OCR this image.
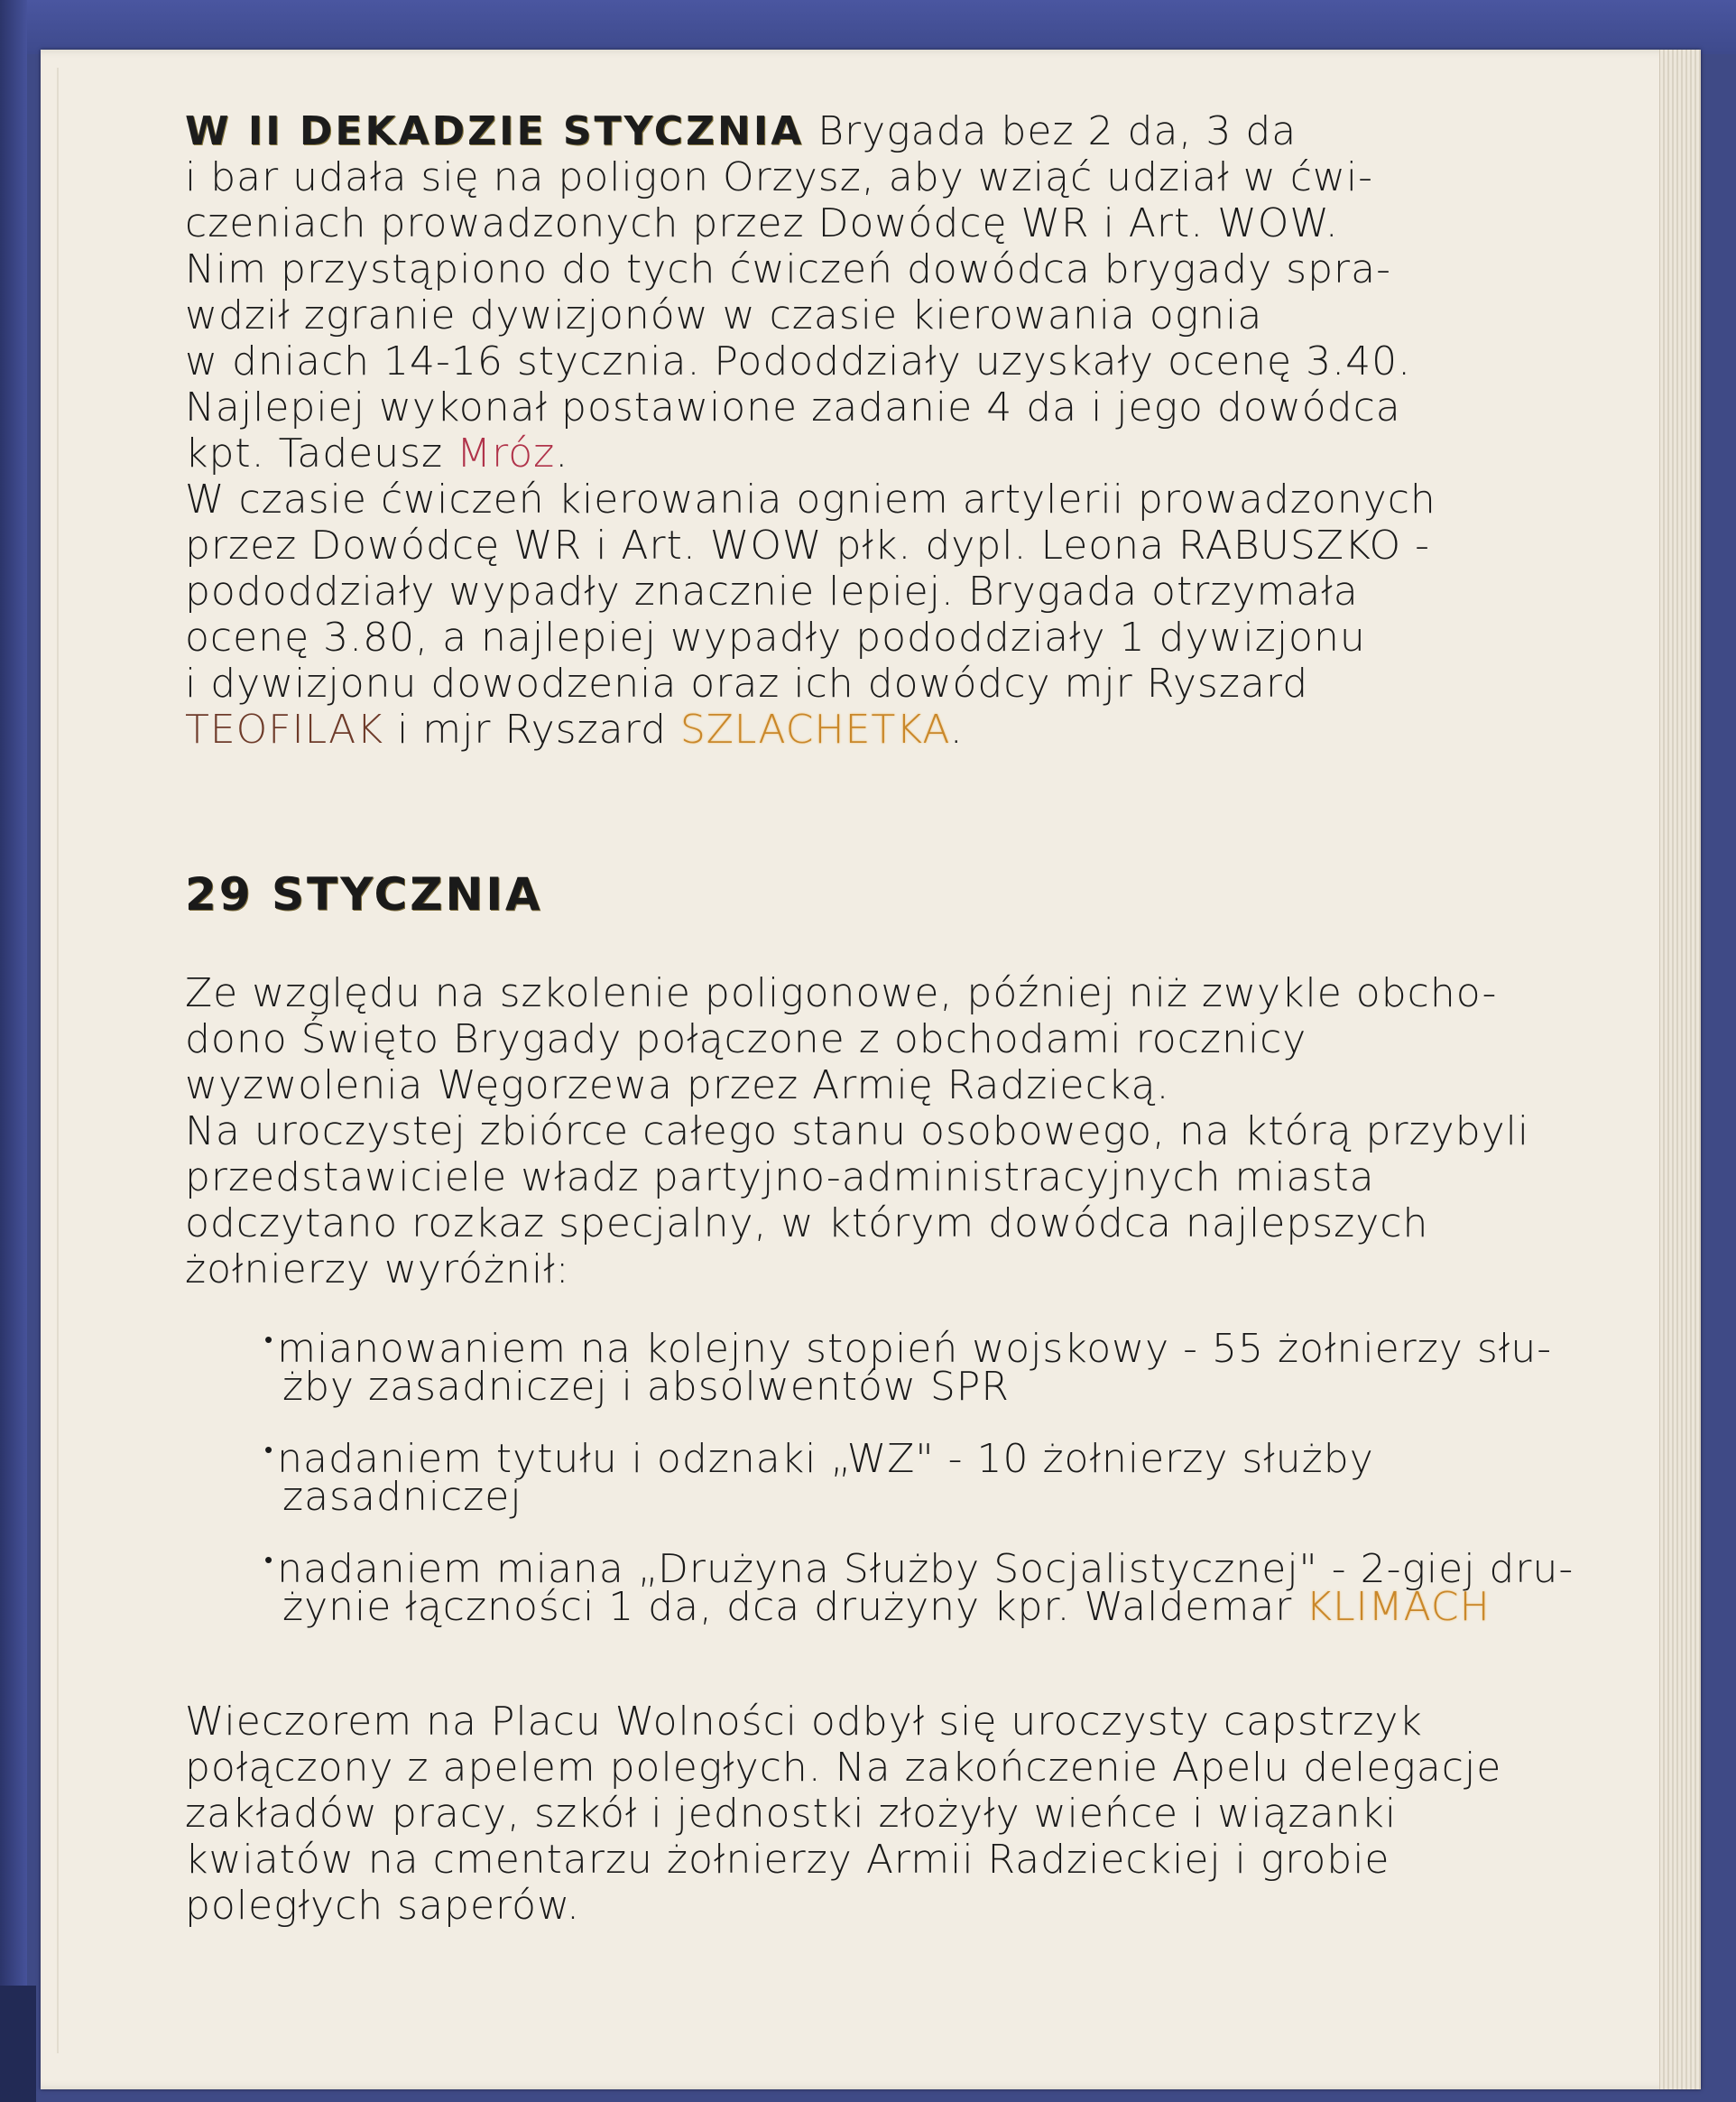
W II DEKADZIE STYCZNIA Brygada bez 2 da, 3 da
i bar udała się na poligon Orzysz, aby wziąć udział w ćwi-
czeniach prowadzonych przez Dowódcę WR i Art. WOW.
Nim przystąpiono do tych ćwiczeń dowódca brygady spra-
wdził zgranie dywizjonów w czasie kierowania ognia
w dniach 14-16 stycznia. Pododdziały uzyskały ocenę 3.40.
Najlepiej wykonał postawione zadanie 4 da i jego dowódca
kpt. Tadeusz Mróz.
W czasie ćwiczeń kierowania ogniem artylerii prowadzonych
przez Dowódcę WR i Art. WOW płk. dypl. Leona RABUSZKO -
pododdziały wypadły znacznie lepiej. Brygada otrzymała
ocenę 3.80, a najlepiej wypadły pododdziały 1 dywizjonu
i dywizjonu dowodzenia oraz ich dowódcy mjr Ryszard
TEOFILAK i mjr Ryszard SZLACHETKA.
29 STYCZNIA
Ze względu na szkolenie poligonowe, później niż zwykle obcho-
dono Święto Brygady połączone z obchodami rocznicy
wyzwolenia Węgorzewa przez Armię Radziecką.
Na uroczystej zbiórce całego stanu osobowego, na którą przybyli
przedstawiciele władz partyjno-administracyjnych miasta
odczytano rozkaz specjalny, w którym dowódca najlepszych
żołnierzy wyróżnił:
•mianowaniem na kolejny stopień wojskowy - 55 żołnierzy słu-
żby zasadniczej i absolwentów SPR
•nadaniem tytułu i odznaki „WZ" - 10 żołnierzy służby
zasadniczej
•nadaniem miana „Drużyna Służby Socjalistycznej" - 2-giej dru-
żynie łączności 1 da, dca drużyny kpr. Waldemar KLIMACH
Wieczorem na Placu Wolności odbył się uroczysty capstrzyk
połączony z apelem poległych. Na zakończenie Apelu delegacje
zakładów pracy, szkół i jednostki złożyły wieńce i wiązanki
kwiatów na cmentarzu żołnierzy Armii Radzieckiej i grobie
poległych saperów.
